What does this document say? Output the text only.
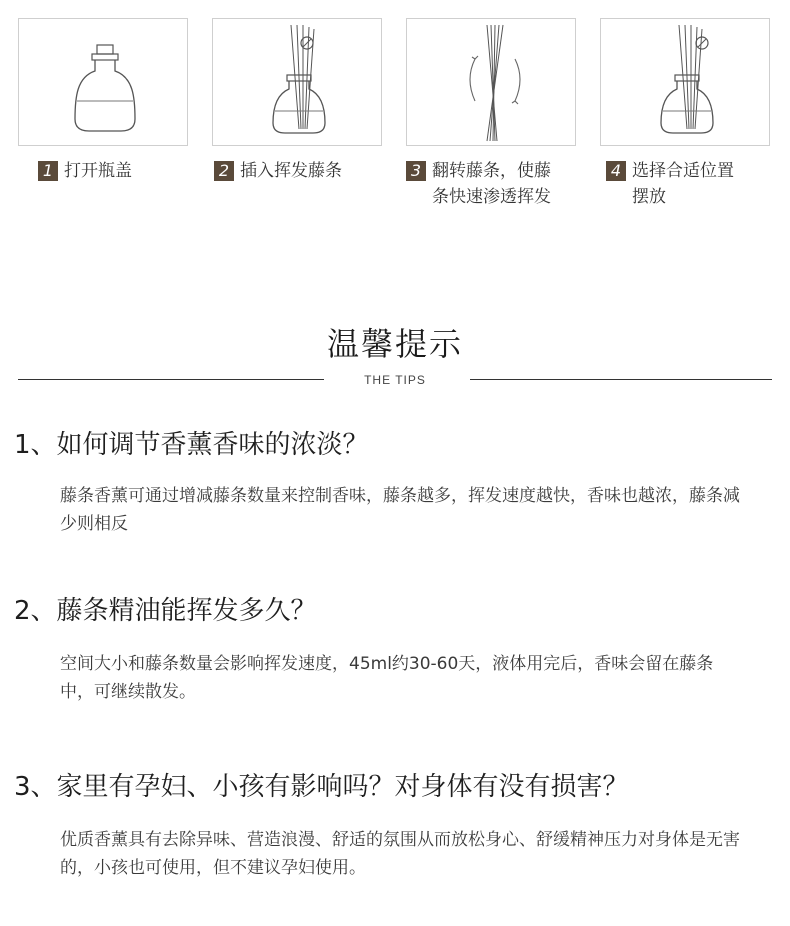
1 打开瓶盖	2 插入挥发藤条	3 翻转藤条，使藤
条快速渗透挥发
4 选择合适位置
摆放
温馨提示
THE TIPS
1、如何调节香薰香味的浓淡？
藤条香薰可通过增减藤条数量来控制香味，藤条越多，挥发速度越快，香味也越浓，藤条减少则相反
2、藤条精油能挥发多久？
空间大小和藤条数量会影响挥发速度，45ml约30-60天，液体用完后，香味会留在藤条中，可继续散发。
3、家里有孕妇、小孩有影响吗？对身体有没有损害？
优质香薰具有去除异味、营造浪漫、舒适的氛围从而放松身心、舒缓精神压力对身体是无害的，小孩也可使用，但不建议孕妇使用。
